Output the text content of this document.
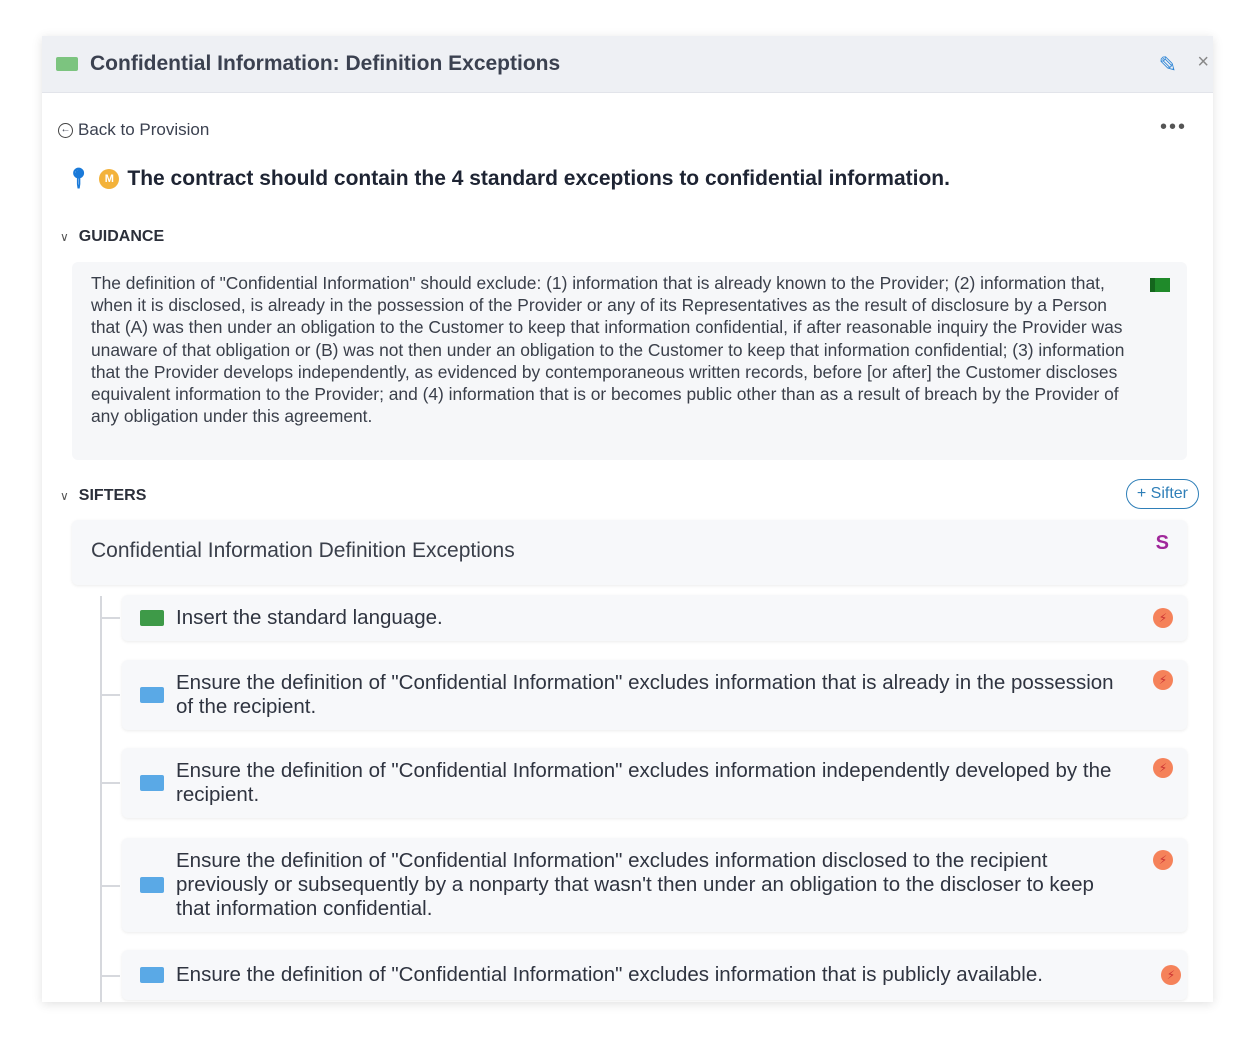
Confidential Information: Definition Exceptions	✎ ×
← Back to Provision	•••
📍︎	M The contract should contain the 4 standard exceptions to confidential information.
∨ GUIDANCE
The definition of "Confidential Information" should exclude: (1) information that is already known to the Provider; (2) information that, when it is disclosed, is already in the possession of the Provider or any of its Representatives as the result of disclosure by a Person that (A) was then under an obligation to the Customer to keep that information confidential, if after reasonable inquiry the Provider was unaware of that obligation or (B) was not then under an obligation to the Customer to keep that information confidential; (3) information that the Provider develops independently, as evidenced by contemporaneous written records, before [or after] the Customer discloses equivalent information to the Provider; and (4) information that is or becomes public other than as a result of breach by the Provider of any obligation under this agreement.
∨ SIFTERS	+ Sifter
Confidential Information Definition Exceptions	S
Insert the standard language.	⚡︎
Ensure the definition of "Confidential Information" excludes information that is already in the possession of the recipient.
⚡︎
Ensure the definition of "Confidential Information" excludes information independently developed by the recipient.
⚡︎
Ensure the definition of "Confidential Information" excludes information disclosed to the recipient previously or subsequently by a nonparty that wasn't then under an obligation to the discloser to keep that information confidential.
⚡︎
Ensure the definition of "Confidential Information" excludes information that is publicly available.	⚡︎
